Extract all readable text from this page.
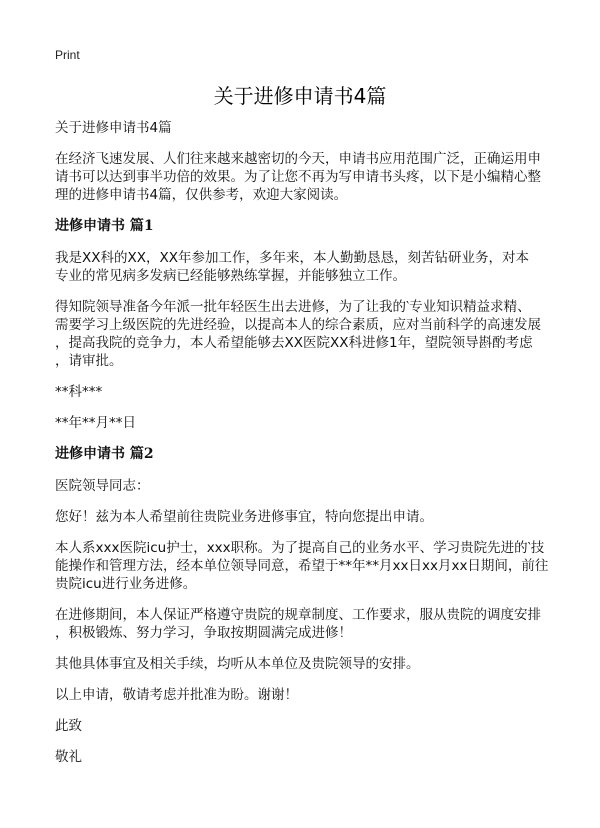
Print
关于进修申请书4篇
关于进修申请书4篇
在经济飞速发展、人们往来越来越密切的今天，申请书应用范围广泛，正确运用申
请书可以达到事半功倍的效果。为了让您不再为写申请书头疼，以下是小编精心整
理的进修申请书4篇，仅供参考，欢迎大家阅读。
进修申请书 篇1
我是XX科的XX，XX年参加工作，多年来，本人勤勤恳恳，刻苦钻研业务，对本
专业的常见病多发病已经能够熟练掌握，并能够独立工作。
得知院领导准备今年派一批年轻医生出去进修，为了让我的‵专业知识精益求精、
需要学习上级医院的先进经验，以提高本人的综合素质，应对当前科学的高速发展
，提高我院的竞争力，本人希望能够去XX医院XX科进修1年，望院领导斟酌考虑
，请审批。
**科***
**年**月**日
进修申请书 篇2
医院领导同志：
您好！兹为本人希望前往贵院业务进修事宜，特向您提出申请。
本人系xxx医院icu护士，xxx职称。为了提高自己的业务水平、学习贵院先进的‵技
能操作和管理方法，经本单位领导同意，希望于**年**月xx日xx月xx日期间，前往
贵院icu进行业务进修。
在进修期间，本人保证严格遵守贵院的规章制度、工作要求，服从贵院的调度安排
，积极锻炼、努力学习，争取按期圆满完成进修！
其他具体事宜及相关手续，均听从本单位及贵院领导的安排。
以上申请，敬请考虑并批准为盼。谢谢！
此致
敬礼
